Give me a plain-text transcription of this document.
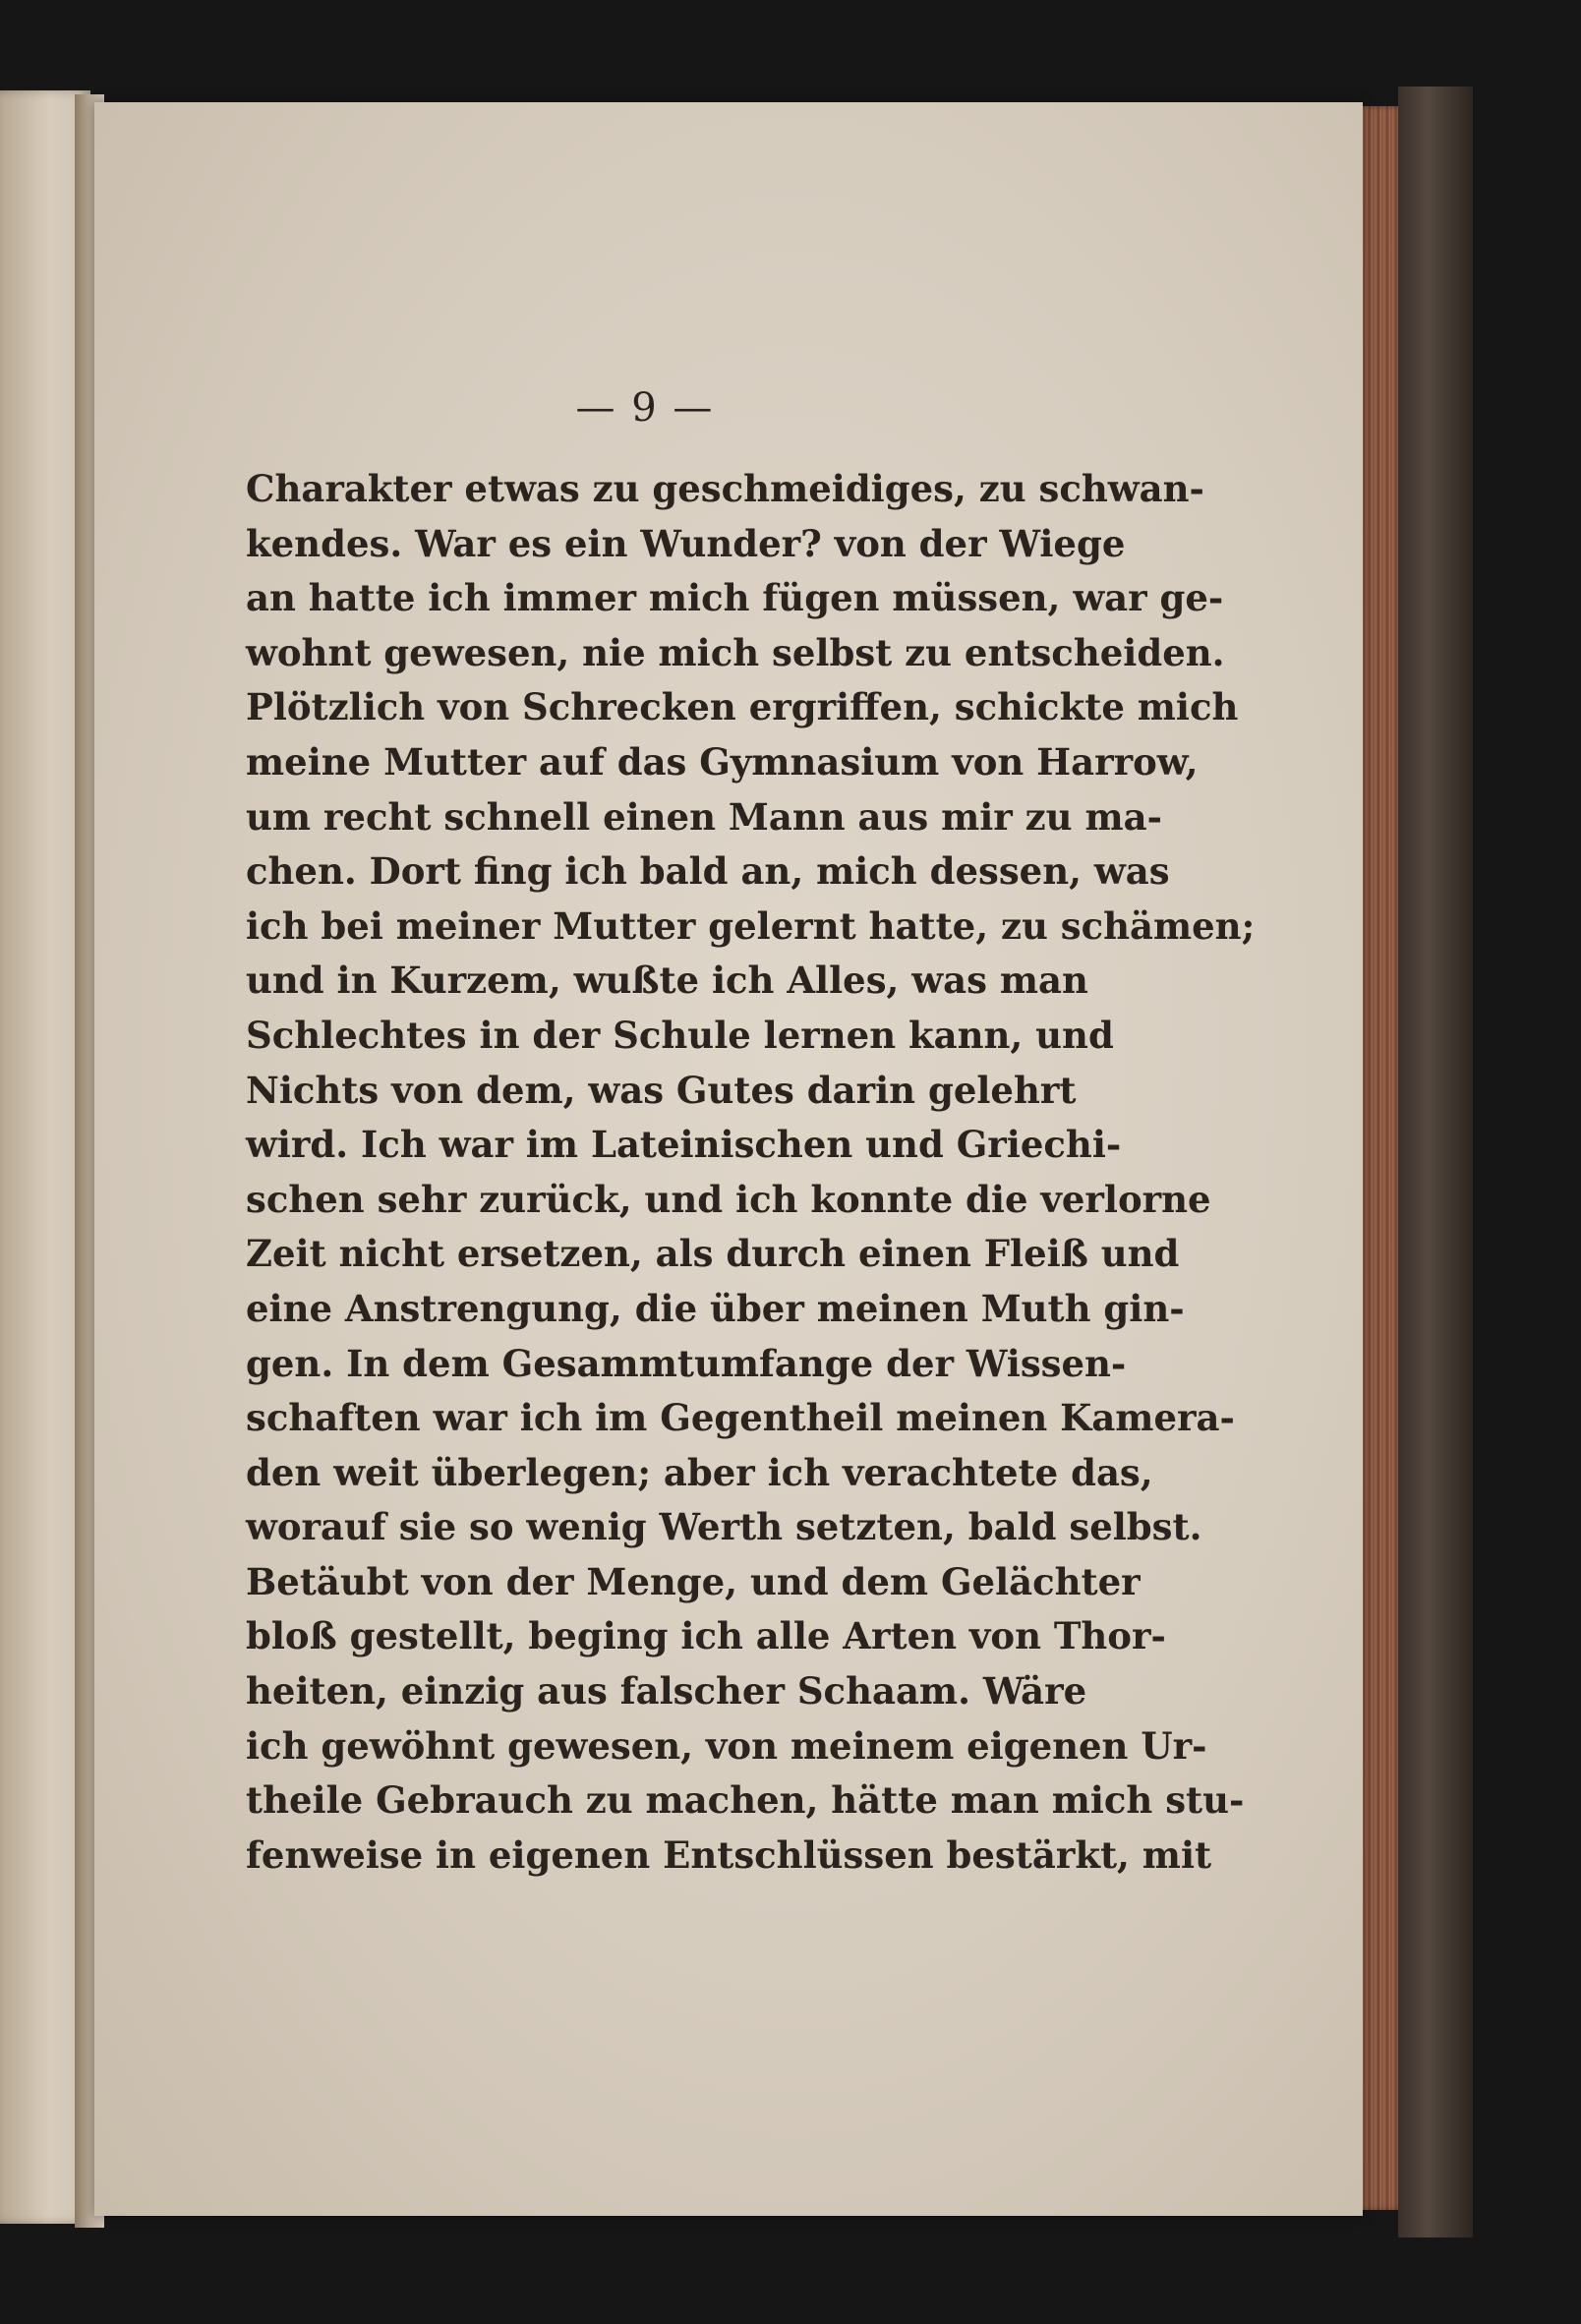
— 9 —
Charakter etwas zu geschmeidiges, zu schwan-
kendes. War es ein Wunder? von der Wiege
an hatte ich immer mich fügen müssen, war ge-
wohnt gewesen, nie mich selbst zu entscheiden.
Plötzlich von Schrecken ergriffen, schickte mich
meine Mutter auf das Gymnasium von Harrow,
um recht schnell einen Mann aus mir zu ma-
chen. Dort fing ich bald an, mich dessen, was
ich bei meiner Mutter gelernt hatte, zu schämen;
und in Kurzem, wußte ich Alles, was man
Schlechtes in der Schule lernen kann, und
Nichts von dem, was Gutes darin gelehrt
wird. Ich war im Lateinischen und Griechi-
schen sehr zurück, und ich konnte die verlorne
Zeit nicht ersetzen, als durch einen Fleiß und
eine Anstrengung, die über meinen Muth gin-
gen. In dem Gesammtumfange der Wissen-
schaften war ich im Gegentheil meinen Kamera-
den weit überlegen; aber ich verachtete das,
worauf sie so wenig Werth setzten, bald selbst.
Betäubt von der Menge, und dem Gelächter
bloß gestellt, beging ich alle Arten von Thor-
heiten, einzig aus falscher Schaam. Wäre
ich gewöhnt gewesen, von meinem eigenen Ur-
theile Gebrauch zu machen, hätte man mich stu-
fenweise in eigenen Entschlüssen bestärkt, mit
